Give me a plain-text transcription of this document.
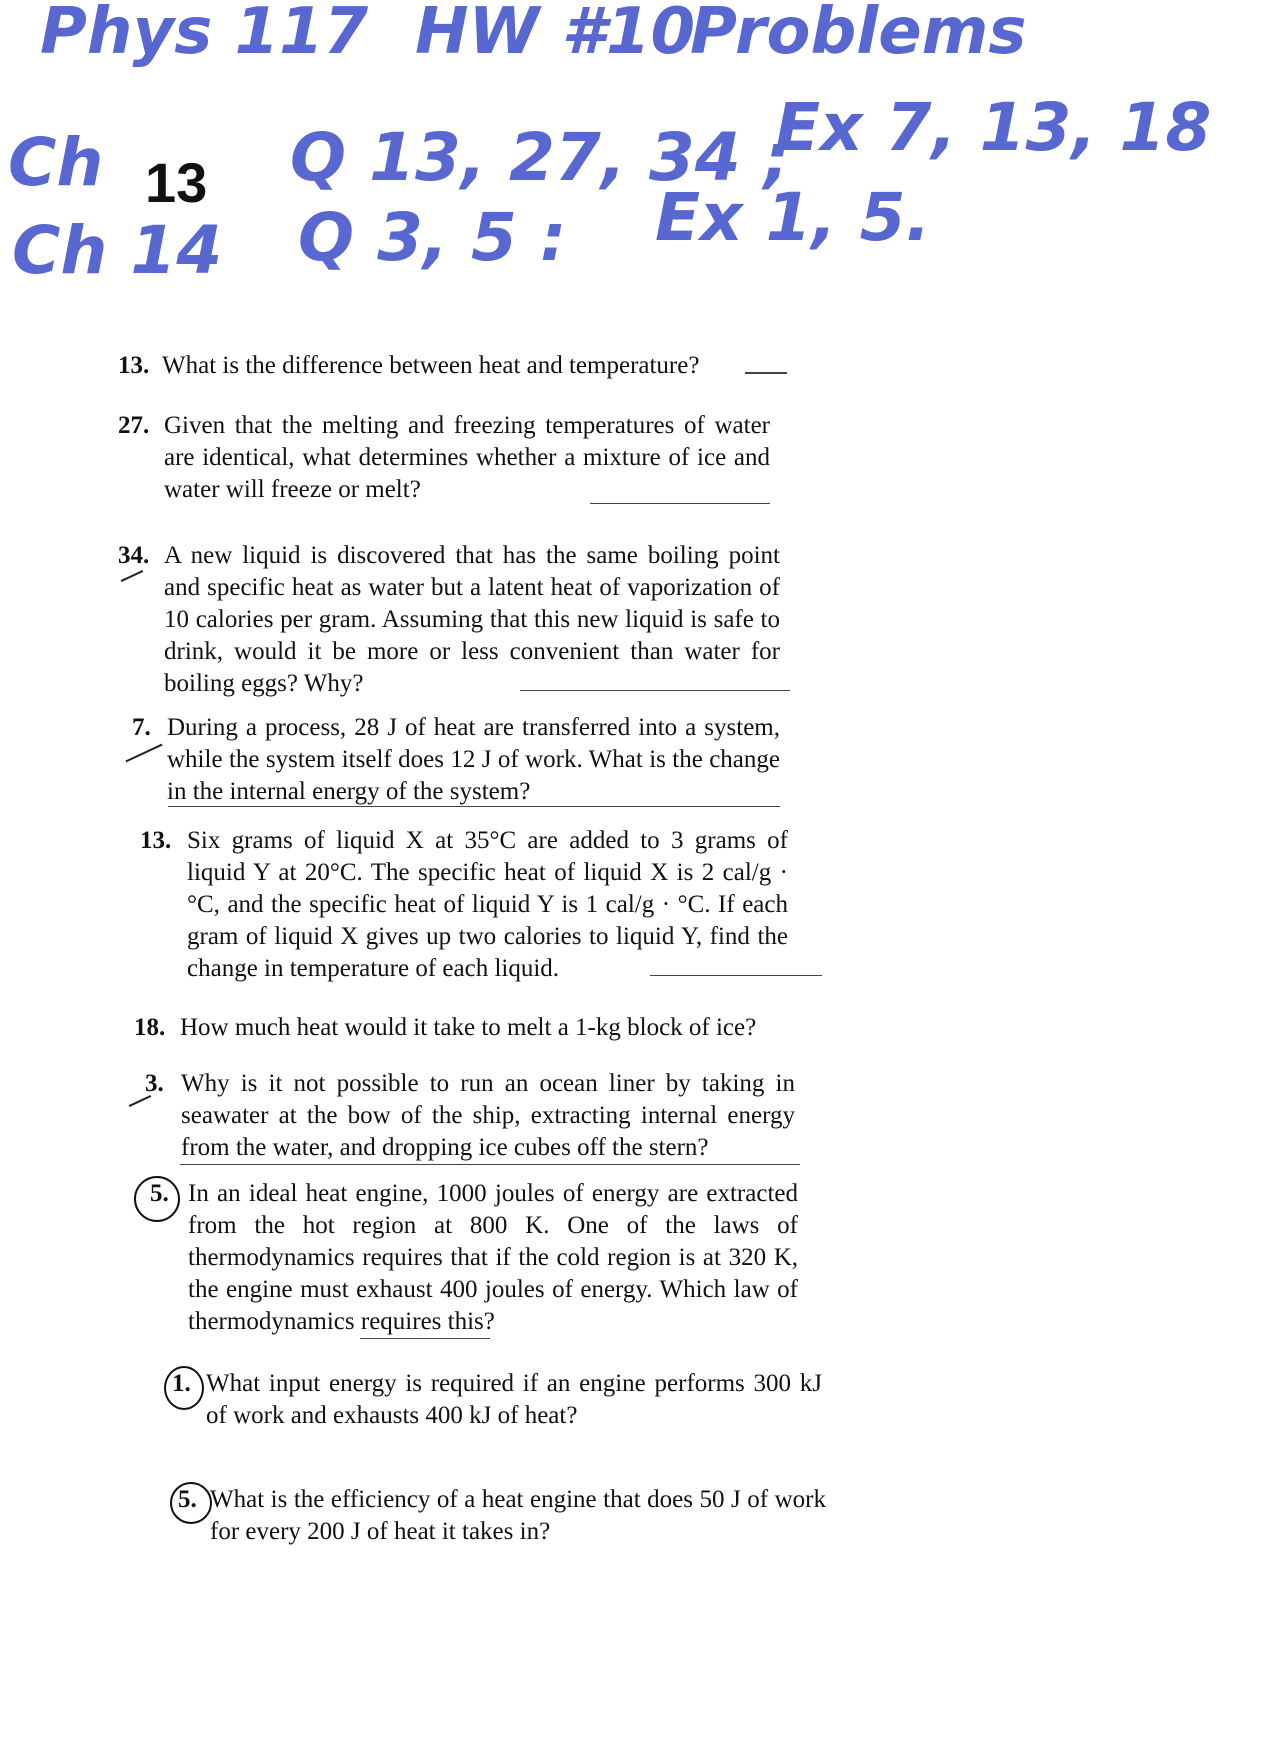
Phys 117 HW #10
Problems
Ch 13 Q 13, 27, 34 ;
Ex 7, 13, 18
Ch 14 Q 3, 5 : Ex 1, 5.
13. What is the difference between heat and temperature?
27. Given that the melting and freezing temperatures of water are identical, what determines whether a mixture of ice and water will freeze or melt?
34. A new liquid is discovered that has the same boiling point and specific heat as water but a latent heat of vaporization of 10 calories per gram. Assuming that this new liquid is safe to drink, would it be more or less convenient than water for boiling eggs? Why?
7. During a process, 28 J of heat are transferred into a system, while the system itself does 12 J of work. What is the change in the internal energy of the system?
13. Six grams of liquid X at 35°C are added to 3 grams of liquid Y at 20°C. The specific heat of liquid X is 2 cal/g · °C, and the specific heat of liquid Y is 1 cal/g · °C. If each gram of liquid X gives up two calories to liquid Y, find the change in temperature of each liquid.
18. How much heat would it take to melt a 1-kg block of ice?
3. Why is it not possible to run an ocean liner by taking in seawater at the bow of the ship, extracting internal energy from the water, and dropping ice cubes off the stern?
5. In an ideal heat engine, 1000 joules of energy are extracted from the hot region at 800 K. One of the laws of thermodynamics requires that if the cold region is at 320 K, the engine must exhaust 400 joules of energy. Which law of thermodynamics requires this?
1. What input energy is required if an engine performs 300 kJ of work and exhausts 400 kJ of heat?
5. What is the efficiency of a heat engine that does 50 J of work for every 200 J of heat it takes in?
